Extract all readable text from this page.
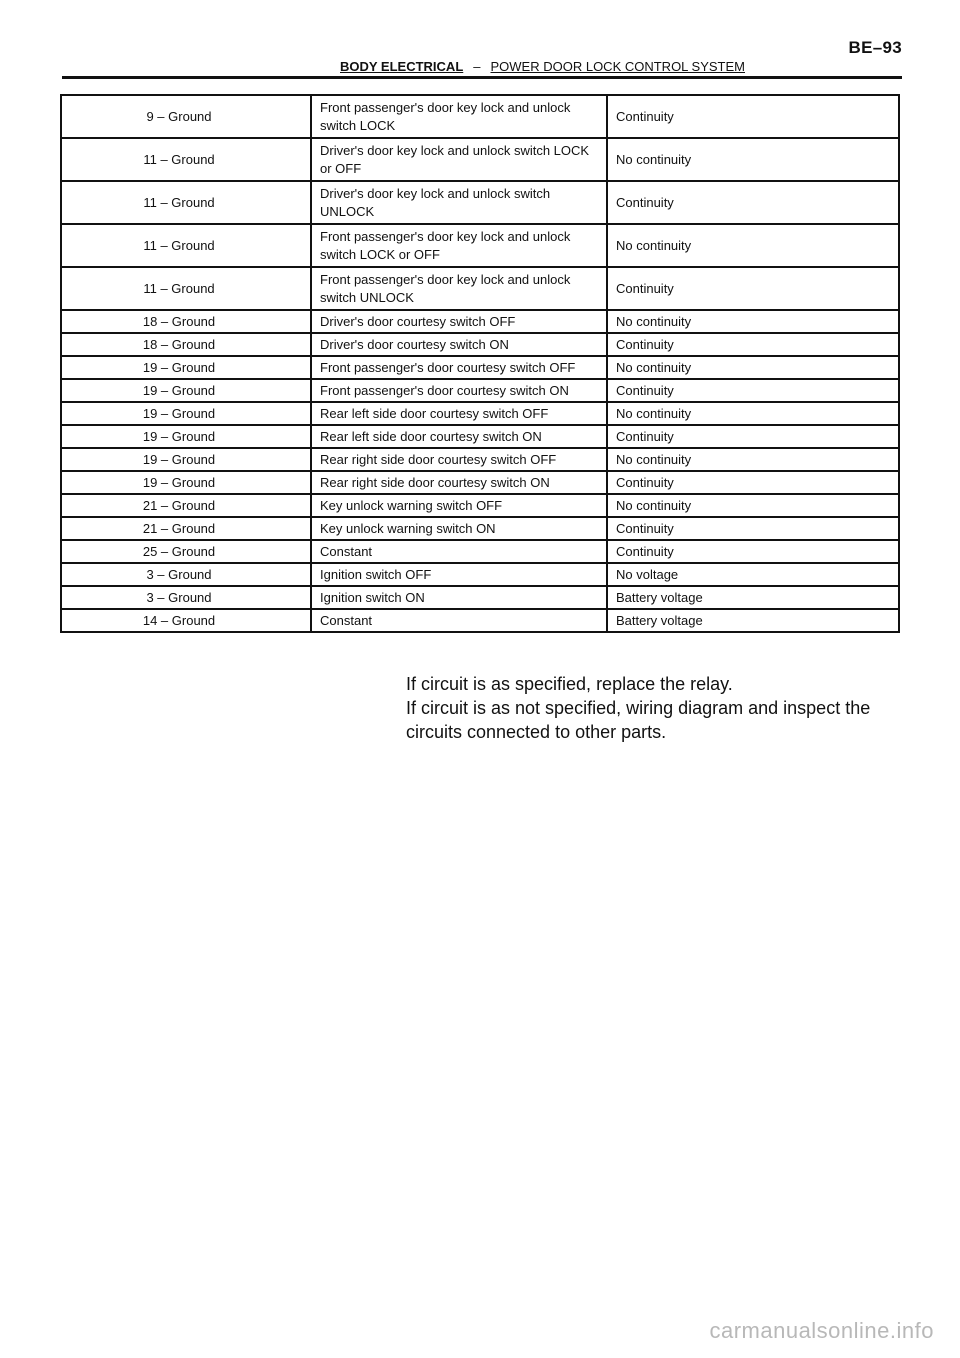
BE–93
BODY ELECTRICAL – POWER DOOR LOCK CONTROL SYSTEM
9 – Ground	Front passenger's door key lock and unlock switch LOCK	Continuity
11 – Ground	Driver's door key lock and unlock switch LOCK or OFF	No continuity
11 – Ground	Driver's door key lock and unlock switch UNLOCK	Continuity
11 – Ground	Front passenger's door key lock and unlock switch LOCK or OFF	No continuity
11 – Ground	Front passenger's door key lock and unlock switch UNLOCK	Continuity
18 – Ground	Driver's door courtesy switch OFF	No continuity
18 – Ground	Driver's door courtesy switch ON	Continuity
19 – Ground	Front passenger's door courtesy switch OFF	No continuity
19 – Ground	Front passenger's door courtesy switch ON	Continuity
19 – Ground	Rear left side door courtesy switch OFF	No continuity
19 – Ground	Rear left side door courtesy switch ON	Continuity
19 – Ground	Rear right side door courtesy switch OFF	No continuity
19 – Ground	Rear right side door courtesy switch ON	Continuity
21 – Ground	Key unlock warning switch OFF	No continuity
21 – Ground	Key unlock warning switch ON	Continuity
25 – Ground	Constant	Continuity
3 – Ground	Ignition switch OFF	No voltage
3 – Ground	Ignition switch ON	Battery voltage
14 – Ground	Constant	Battery voltage

If circuit is as specified, replace the relay.

If circuit is as not specified, wiring diagram and inspect the circuits connected to other parts.

carmanualsonline.info
